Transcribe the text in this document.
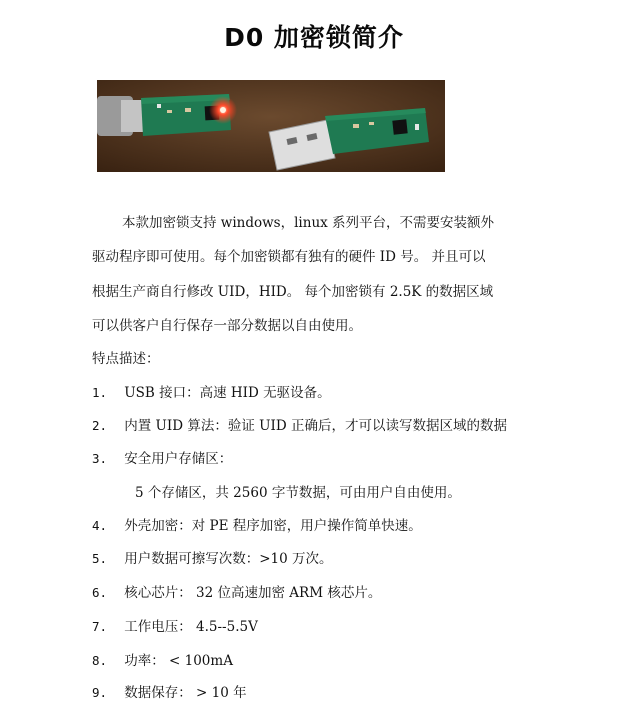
D0 加密锁简介
本款加密锁支持 windows，linux 系列平台，不需要安装额外
驱动程序即可使用。每个加密锁都有独有的硬件 ID 号。 并且可以
根据生产商自行修改 UID，HID。 每个加密锁有 2.5K 的数据区域
可以供客户自行保存一部分数据以自由使用。
特点描述：
1. USB 接口：高速 HID 无驱设备。
2. 内置 UID 算法：验证 UID 正确后，才可以读写数据区域的数据
3. 安全用户存储区：
5 个存储区，共 2560 字节数据，可由用户自由使用。
4. 外壳加密：对 PE 程序加密，用户操作简单快速。
5. 用户数据可擦写次数：>10 万次。
6. 核心芯片： 32 位高速加密 ARM 核芯片。
7. 工作电压： 4.5--5.5V
8. 功率： < 100mA
9. 数据保存： > 10 年
